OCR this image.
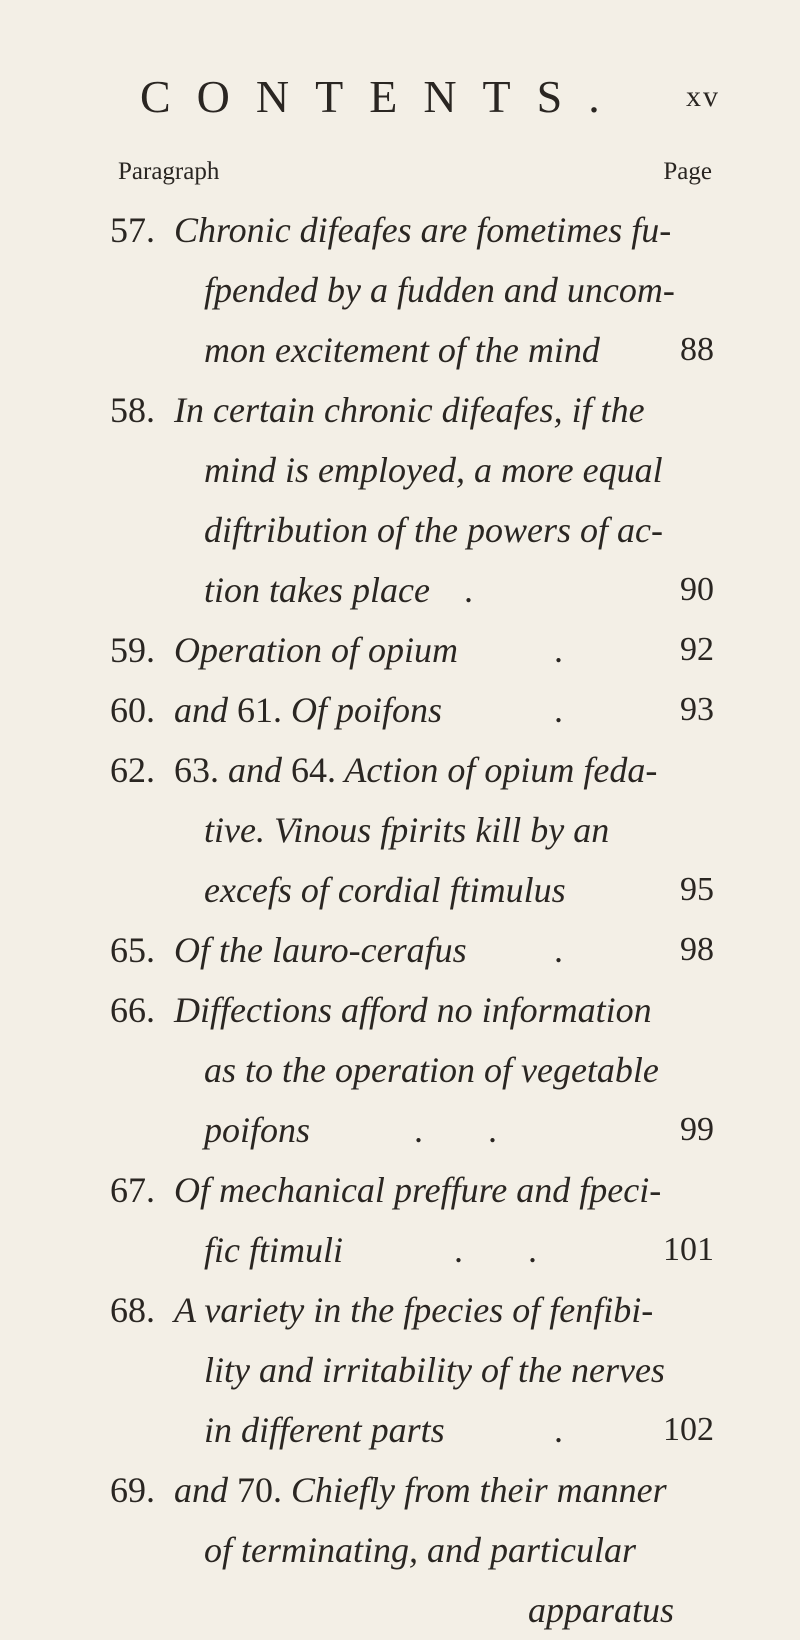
CONTENTS. xv
Paragraph	Page
57. Chronic difeafes are fometimes fu-
fpended by a fudden and uncom-
mon excitement of the mind 88
58. In certain chronic difeafes, if the
mind is employed, a more equal
diftribution of the powers of ac-
tion takes place .	90
59. Operation of opium	.	92
60. and 61. Of poifons	.	93
62. 63. and 64. Action of opium feda-
tive. Vinous fpirits kill by an
excefs of cordial ftimulus	95
65. Of the lauro-cerafus .	98
66. Diffections afford no information
as to the operation of vegetable
poifons	. .	99
67. Of mechanical preffure and fpeci-
fic ftimuli	. .	101
68. A variety in the fpecies of fenfibi-
lity and irritability of the nerves
in different parts	. 102
69. and 70. Chiefly from their manner
of terminating, and particular
apparatus
